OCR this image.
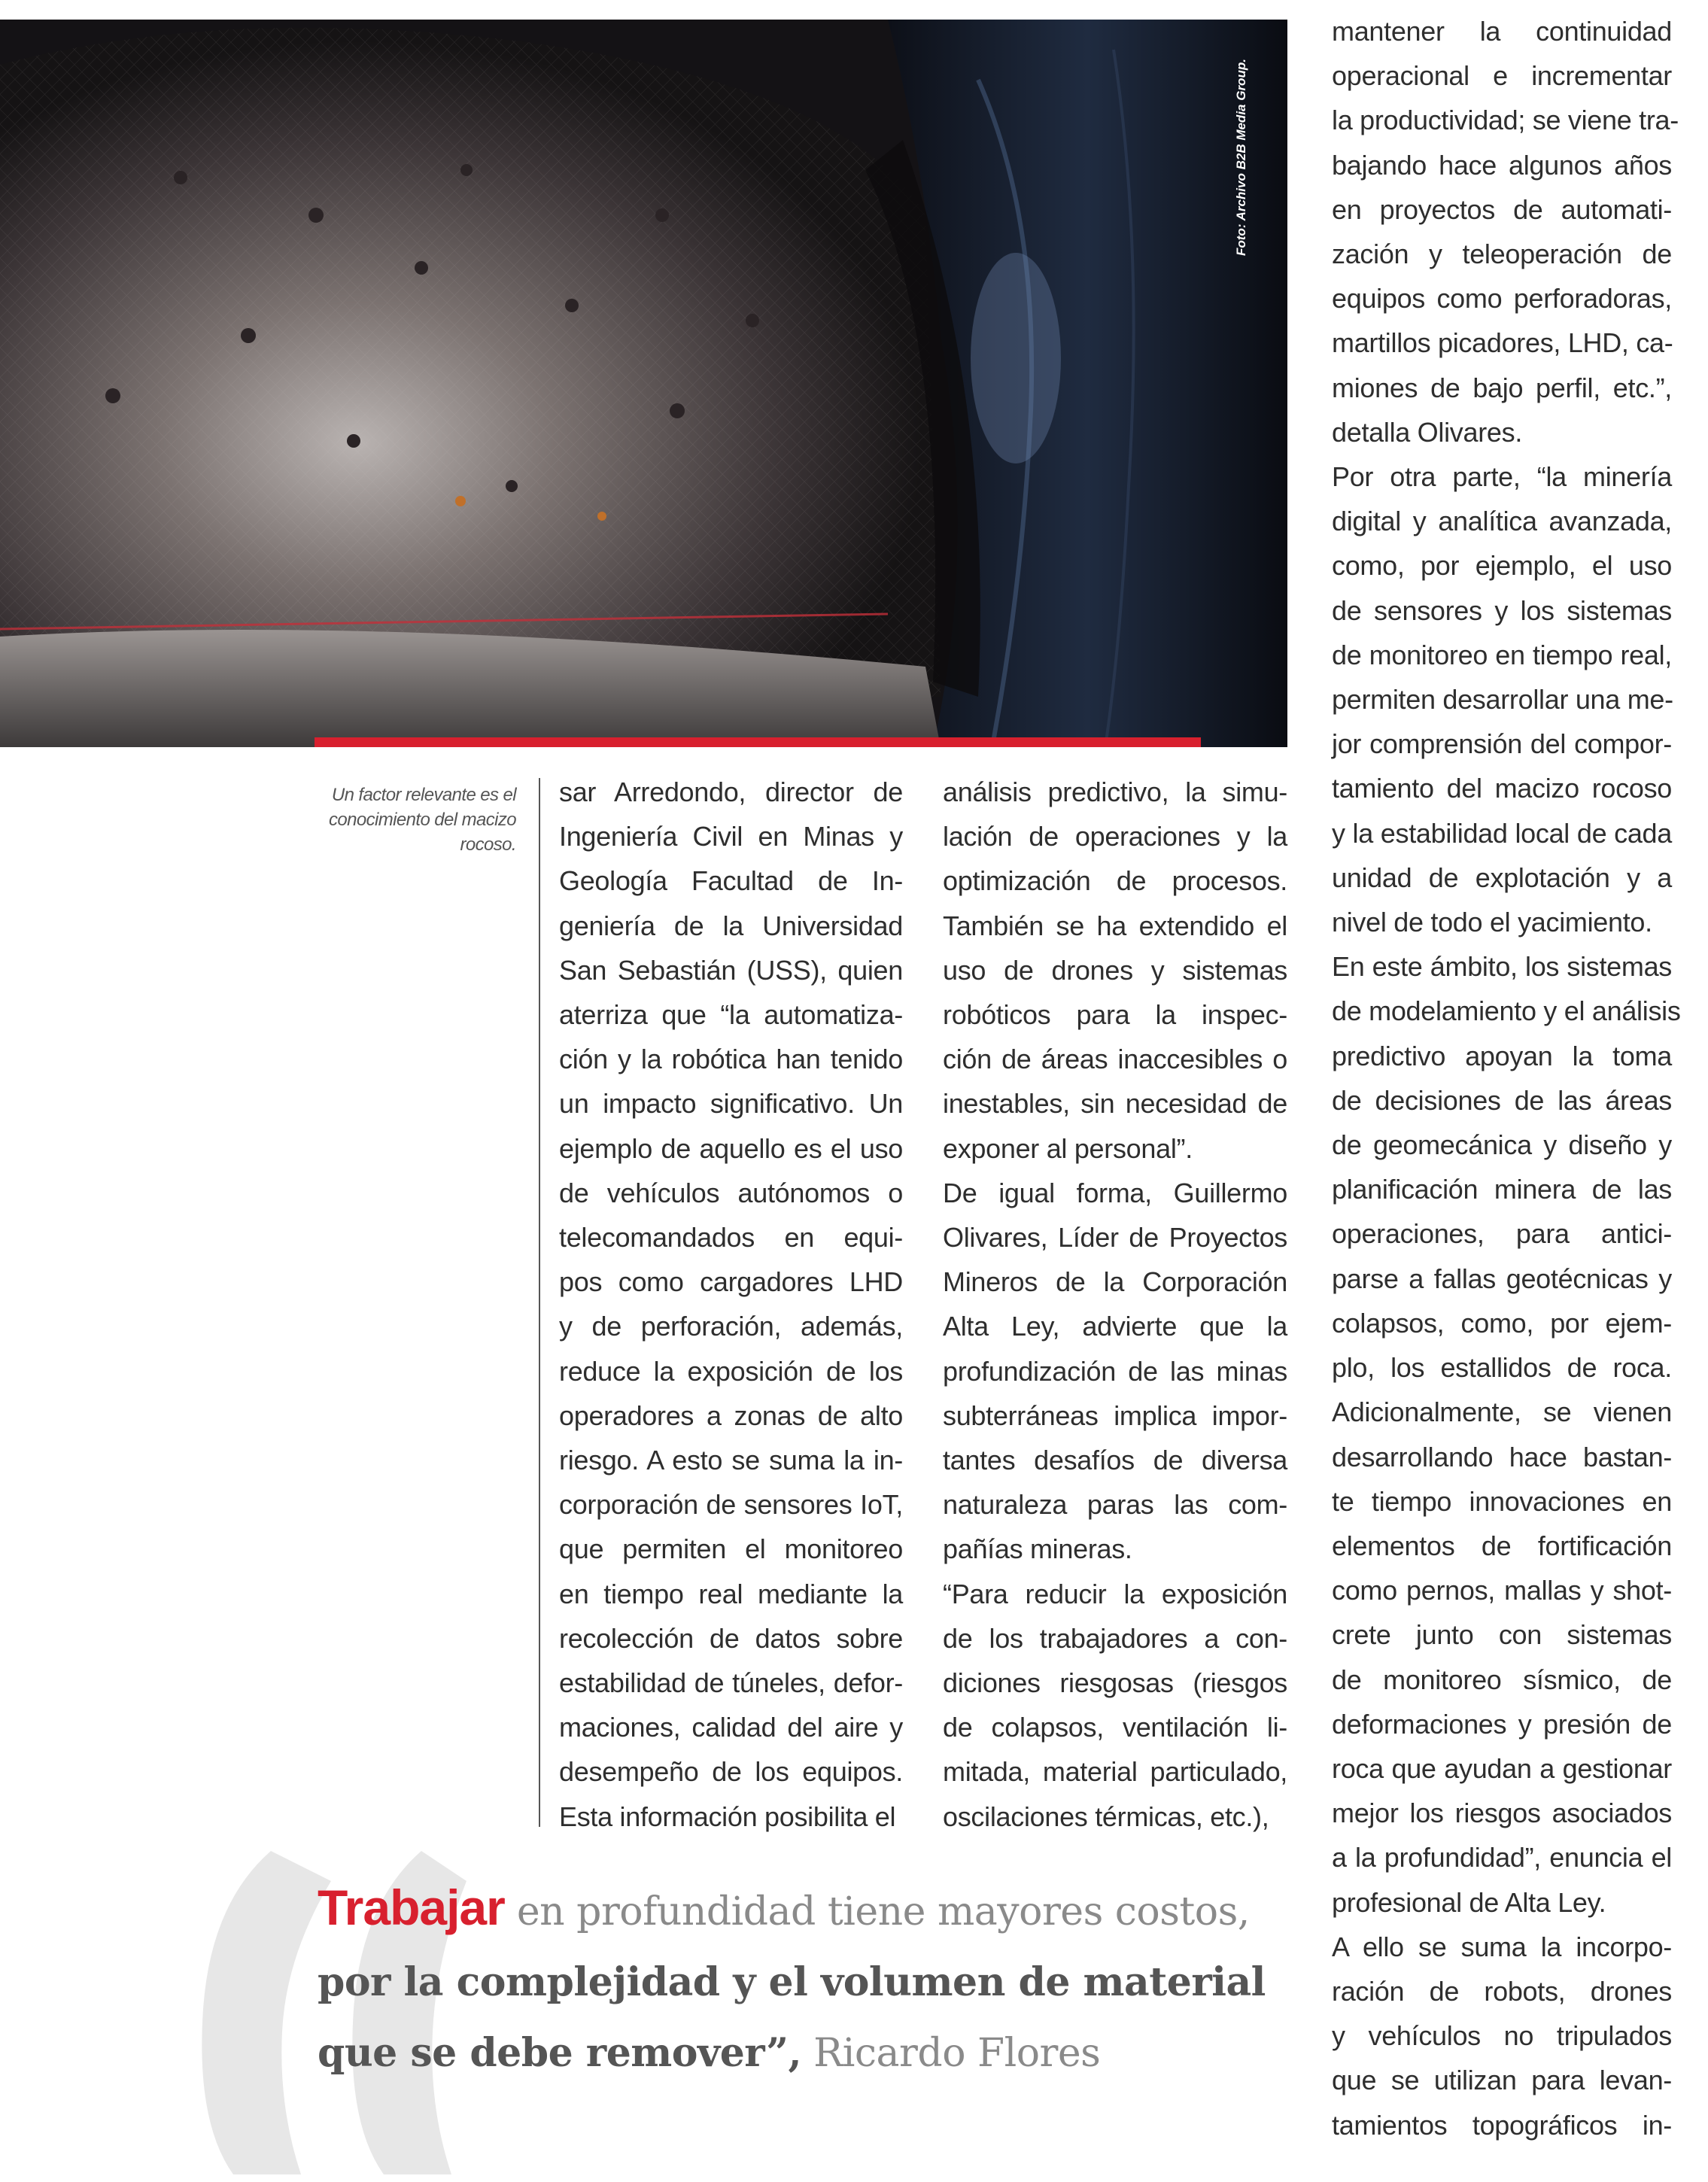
Foto: Archivo B2B Media Group.
Un factor relevante es el
conocimiento del macizo
rocoso.
sar Arredondo, director de
Ingeniería Civil en Minas y
Geología Facultad de In-
geniería de la Universidad
San Sebastián (USS), quien
aterriza que “la automatiza-
ción y la robótica han tenido
un impacto significativo. Un
ejemplo de aquello es el uso
de vehículos autónomos o
telecomandados en equi-
pos como cargadores LHD
y de perforación, además,
reduce la exposición de los
operadores a zonas de alto
riesgo. A esto se suma la in-
corporación de sensores IoT,
que permiten el monitoreo
en tiempo real mediante la
recolección de datos sobre
estabilidad de túneles, defor-
maciones, calidad del aire y
desempeño de los equipos.
Esta información posibilita el
análisis predictivo, la simu-
lación de operaciones y la
optimización de procesos.
También se ha extendido el
uso de drones y sistemas
robóticos para la inspec-
ción de áreas inaccesibles o
inestables, sin necesidad de
exponer al personal”.
De igual forma, Guillermo
Olivares, Líder de Proyectos
Mineros de la Corporación
Alta Ley, advierte que la
profundización de las minas
subterráneas implica impor-
tantes desafíos de diversa
naturaleza paras las com-
pañías mineras.
“Para reducir la exposición
de los trabajadores a con-
diciones riesgosas (riesgos
de colapsos, ventilación li-
mitada, material particulado,
oscilaciones térmicas, etc.),
mantener la continuidad
operacional e incrementar
la productividad; se viene tra-
bajando hace algunos años
en proyectos de automati-
zación y teleoperación de
equipos como perforadoras,
martillos picadores, LHD, ca-
miones de bajo perfil, etc.”,
detalla Olivares.
Por otra parte, “la minería
digital y analítica avanzada,
como, por ejemplo, el uso
de sensores y los sistemas
de monitoreo en tiempo real,
permiten desarrollar una me-
jor comprensión del compor-
tamiento del macizo rocoso
y la estabilidad local de cada
unidad de explotación y a
nivel de todo el yacimiento.
En este ámbito, los sistemas
de modelamiento y el análisis
predictivo apoyan la toma
de decisiones de las áreas
de geomecánica y diseño y
planificación minera de las
operaciones, para antici-
parse a fallas geotécnicas y
colapsos, como, por ejem-
plo, los estallidos de roca.
Adicionalmente, se vienen
desarrollando hace bastan-
te tiempo innovaciones en
elementos de fortificación
como pernos, mallas y shot-
crete junto con sistemas
de monitoreo sísmico, de
deformaciones y presión de
roca que ayudan a gestionar
mejor los riesgos asociados
a la profundidad”, enuncia el
profesional de Alta Ley.
A ello se suma la incorpo-
ración de robots, drones
y vehículos no tripulados
que se utilizan para levan-
tamientos topográficos in-
Trabajar en profundidad tiene mayores costos, por la complejidad y el volumen de material que se debe remover”, Ricardo Flores
